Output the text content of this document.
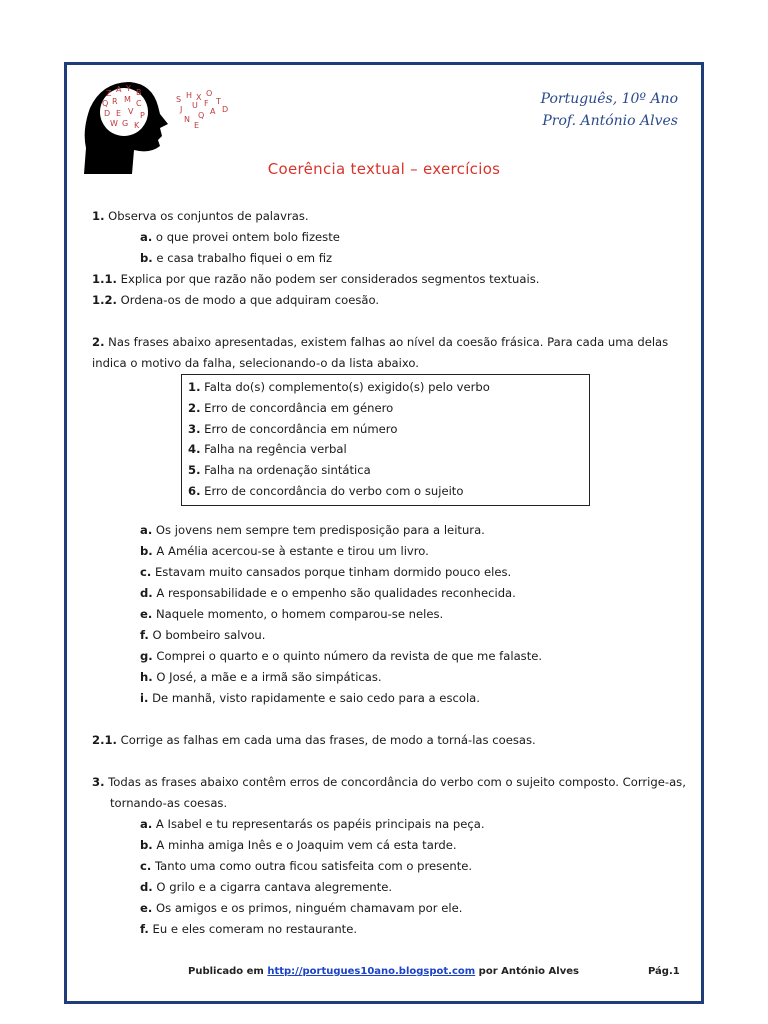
Z A Y B
Q R M C
D E V P
W G K
S H X O
J U F T
N Q A D
E
Português, 10º Ano
Prof. António Alves
Coerência textual – exercícios
1. Observa os conjuntos de palavras.
a. o que provei ontem bolo fizeste
b. e casa trabalho fiquei o em fiz
1.1. Explica por que razão não podem ser considerados segmentos textuais.
1.2. Ordena-os de modo a que adquiram coesão.
2. Nas frases abaixo apresentadas, existem falhas ao nível da coesão frásica. Para cada uma delas
indica o motivo da falha, selecionando-o da lista abaixo.
1. Falta do(s) complemento(s) exigido(s) pelo verbo
2. Erro de concordância em género
3. Erro de concordância em número
4. Falha na regência verbal
5. Falha na ordenação sintática
6. Erro de concordância do verbo com o sujeito
a. Os jovens nem sempre tem predisposição para a leitura.
b. A Amélia acercou-se à estante e tirou um livro.
c. Estavam muito cansados porque tinham dormido pouco eles.
d. A responsabilidade e o empenho são qualidades reconhecida.
e. Naquele momento, o homem comparou-se neles.
f. O bombeiro salvou.
g. Comprei o quarto e o quinto número da revista de que me falaste.
h. O José, a mãe e a irmã são simpáticas.
i. De manhã, visto rapidamente e saio cedo para a escola.
2.1. Corrige as falhas em cada uma das frases, de modo a torná-las coesas.
3. Todas as frases abaixo contêm erros de concordância do verbo com o sujeito composto. Corrige-as,
tornando-as coesas.
a. A Isabel e tu representarás os papéis principais na peça.
b. A minha amiga Inês e o Joaquim vem cá esta tarde.
c. Tanto uma como outra ficou satisfeita com o presente.
d. O grilo e a cigarra cantava alegremente.
e. Os amigos e os primos, ninguém chamavam por ele.
f. Eu e eles comeram no restaurante.
Publicado em http://portugues10ano.blogspot.com por António Alves	Pág.1
